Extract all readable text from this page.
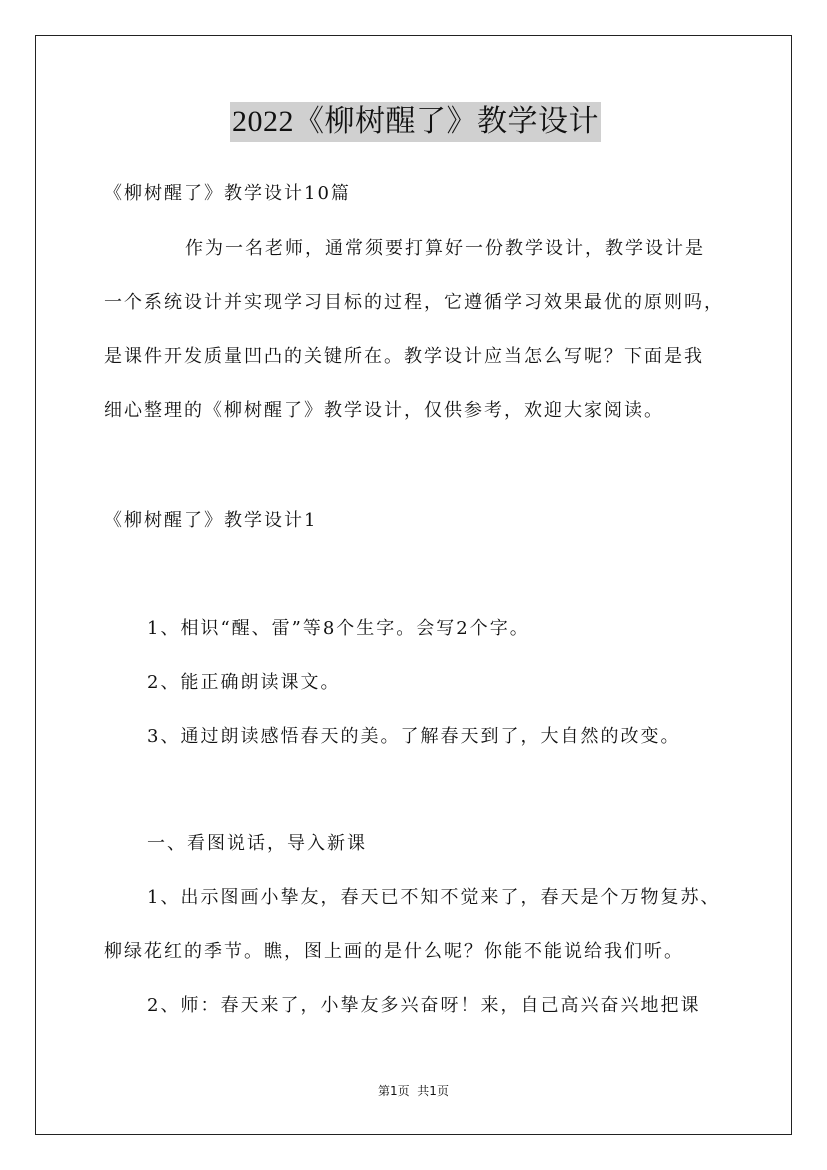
2022《柳树醒了》教学设计
《柳树醒了》教学设计10篇
作为一名老师，通常须要打算好一份教学设计，教学设计是
一个系统设计并实现学习目标的过程，它遵循学习效果最优的原则吗，
是课件开发质量凹凸的关键所在。教学设计应当怎么写呢？下面是我
细心整理的《柳树醒了》教学设计，仅供参考，欢迎大家阅读。
《柳树醒了》教学设计1
1、相识“醒、雷”等8个生字。会写2个字。
2、能正确朗读课文。
3、通过朗读感悟春天的美。了解春天到了，大自然的改变。
一、看图说话，导入新课
1、出示图画小挚友，春天已不知不觉来了，春天是个万物复苏、
柳绿花红的季节。瞧，图上画的是什么呢？你能不能说给我们听。
2、师：春天来了，小挚友多兴奋呀！来，自己高兴奋兴地把课
第1页  共1页
